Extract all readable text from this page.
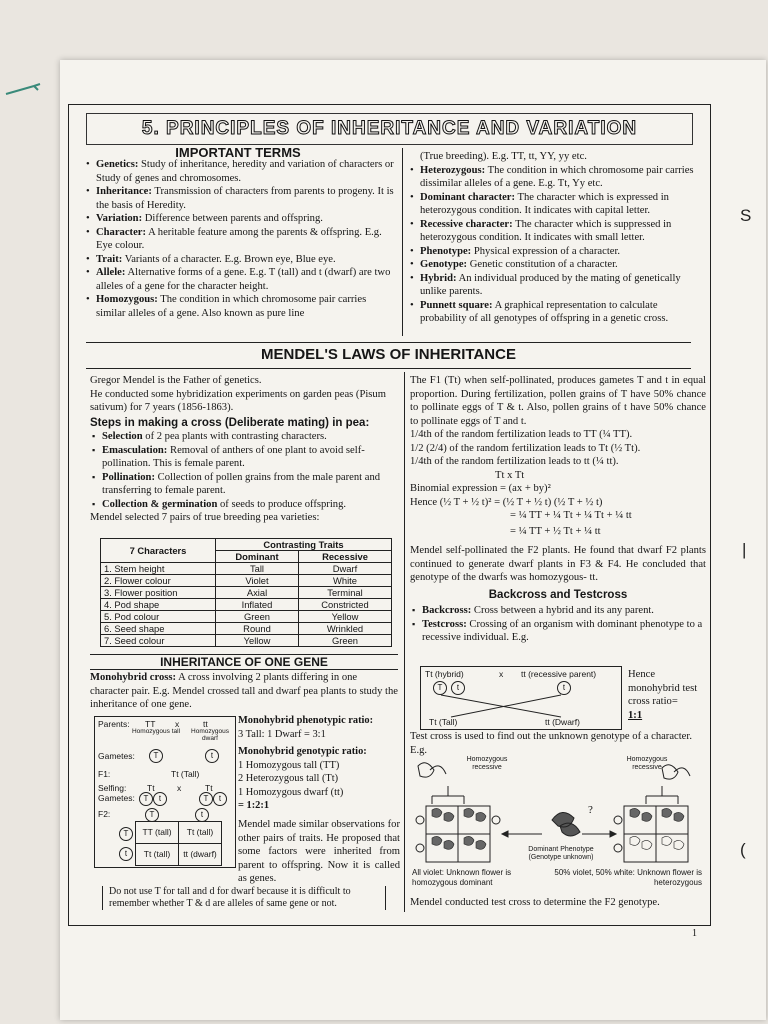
S
|
(
5. PRINCIPLES OF INHERITANCE AND VARIATION
IMPORTANT TERMS
• Genetics: Study of inheritance, heredity and variation of characters or Study of genes and chromosomes.
• Inheritance: Transmission of characters from parents to progeny. It is the basis of Heredity.
• Variation: Difference between parents and offspring.
• Character: A heritable feature among the parents & offspring. E.g. Eye colour.
• Trait: Variants of a character. E.g. Brown eye, Blue eye.
• Allele: Alternative forms of a gene. E.g. T (tall) and t (dwarf) are two alleles of a gene for the character height.
• Homozygous: The condition in which chromosome pair carries similar alleles of a gene. Also known as pure line

(True breeding). E.g. TT, tt, YY, yy etc.

• Heterozygous: The condition in which chromosome pair carries dissimilar alleles of a gene. E.g. Tt, Yy etc.
• Dominant character: The character which is expressed in heterozygous condition. It indicates with capital letter.
• Recessive character: The character which is suppressed in heterozygous condition. It indicates with small letter.
• Phenotype: Physical expression of a character.
• Genotype: Genetic constitution of a character.
• Hybrid: An individual produced by the mating of genetically unlike parents.
• Punnett square: A graphical representation to calculate probability of all genotypes of offspring in a genetic cross.
MENDEL'S LAWS OF INHERITANCE

Gregor Mendel is the Father of genetics.

He conducted some hybridization experiments on garden peas (Pisum sativum) for 7 years (1856-1863).

Steps in making a cross (Deliberate mating) in pea:

▪ Selection of 2 pea plants with contrasting characters.
▪ Emasculation: Removal of anthers of one plant to avoid self-pollination. This is female parent.
▪ Pollination: Collection of pollen grains from the male parent and transferring to female parent.
▪ Collection & germination of seeds to produce offspring.

Mendel selected 7 pairs of true breeding pea varieties:

7 Characters	Contrasting Traits	
	Dominant	Recessive
1. Stem height	Tall	Dwarf
2. Flower colour	Violet	White
3. Flower position	Axial	Terminal
4. Pod shape	Inflated	Constricted
5. Pod colour	Green	Yellow
6. Seed shape	Round	Wrinkled
7. Seed colour	Yellow	Green
INHERITANCE OF ONE GENE

Monohybrid cross: A cross involving 2 plants differing in one character pair. E.g. Mendel crossed tall and dwarf pea plants to study the inheritance of one gene.

Parents: TT x	tt
Homozygous tall	Homozygous dwarf
Gametes:	T	t
F1:	Tt (Tall)
Selfing: Tt	x	Tt
Gametes:	T	t	T	t
F2:	T	t
T
t
TT (tall)	Tt (tall)
Tt (tall)	tt (dwarf)

Monohybrid phenotypic ratio:

3 Tall: 1 Dwarf = 3:1

Monohybrid genotypic ratio:

1 Homozygous tall (TT)

2 Heterozygous tall (Tt)

1 Homozygous dwarf (tt)

= 1:2:1

Mendel made similar observations for other pairs of traits. He proposed that some factors were inherited from parent to offspring. Now it is called as genes.

Do not use T for tall and d for dwarf because it is difficult to remember whether T & d are alleles of same gene or not.

The F1 (Tt) when self-pollinated, produces gametes T and t in equal proportion. During fertilization, pollen grains of T have 50% chance to pollinate eggs of T & t. Also, pollen grains of t have 50% chance to pollinate eggs of T and t.

1/4th of the random fertilization leads to TT (¼ TT).

1/2 (2/4) of the random fertilization leads to Tt (½ Tt).

1/4th of the random fertilization leads to tt (¼ tt).

Tt x Tt

Binomial expression = (ax + by)²

Hence (½ T + ½ t)² = (½ T + ½ t) (½ T + ½ t)

= ¼ TT + ¼ Tt + ¼ Tt + ¼ tt

= ¼ TT + ½ Tt + ¼ tt

Mendel self-pollinated the F2 plants. He found that dwarf F2 plants continued to generate dwarf plants in F3 & F4. He concluded that genotype of the dwarfs was homozygous- tt.

Backcross and Testcross

▪ Backcross: Cross between a hybrid and its any parent.
▪ Testcross: Crossing of an organism with dominant phenotype to a recessive individual. E.g.
Tt (hybrid)	x tt (recessive parent)
T	t	t
Tt (Tall)	tt (Dwarf)

Hence monohybrid test cross ratio=

1:1

Test cross is used to find out the unknown genotype of a character. E.g.

Homozygous recessive
Homozygous recessive
?
Dominant Phenotype (Genotype unknown)
All violet: Unknown flower is homozygous dominant
50% violet, 50% white: Unknown flower is heterozygous

Mendel conducted test cross to determine the F2 genotype.

1
